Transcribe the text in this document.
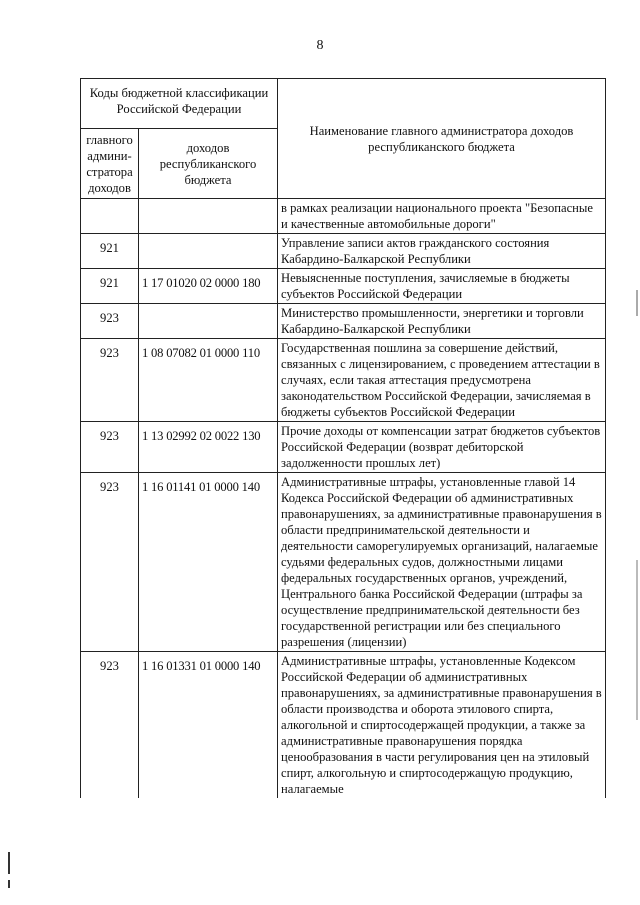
8
Коды бюджетной классификации Российской Федерации		Наименование главного администратора доходов республиканского бюджета
главного админи-стратора доходов	доходов республиканского бюджета	
		в рамках реализации национального проекта "Безопасные и качественные автомобильные дороги"
921		Управление записи актов гражданского состояния Кабардино-Балкарской Республики
921	1 17 01020 02 0000 180	Невыясненные поступления, зачисляемые в бюджеты субъектов Российской Федерации
923		Министерство промышленности, энергетики и торговли Кабардино-Балкарской Республики
923	1 08 07082 01 0000 110	Государственная пошлина за совершение действий, связанных с лицензированием, с проведением аттестации в случаях, если такая аттестация предусмотрена законодательством Российской Федерации, зачисляемая в бюджеты субъектов Российской Федерации
923	1 13 02992 02 0022 130	Прочие доходы от компенсации затрат бюджетов субъектов Российской Федерации (возврат дебиторской задолженности прошлых лет)
923	1 16 01141 01 0000 140	Административные штрафы, установленные главой 14 Кодекса Российской Федерации об административных правонарушениях, за административные правонарушения в области предпринимательской деятельности и деятельности саморегулируемых организаций, налагаемые судьями федеральных судов, должностными лицами федеральных государственных органов, учреждений, Центрального банка Российской Федерации (штрафы за осуществление предпринимательской деятельности без государственной регистрации или без специального разрешения (лицензии)
923	1 16 01331 01 0000 140	Административные штрафы, установленные Кодексом Российской Федерации об административных правонарушениях, за административные правонарушения в области производства и оборота этилового спирта, алкогольной и спиртосодержащей продукции, а также за административные правонарушения порядка ценообразования в части регулирования цен на этиловый спирт, алкогольную и спиртосодержащую продукцию, налагаемые
